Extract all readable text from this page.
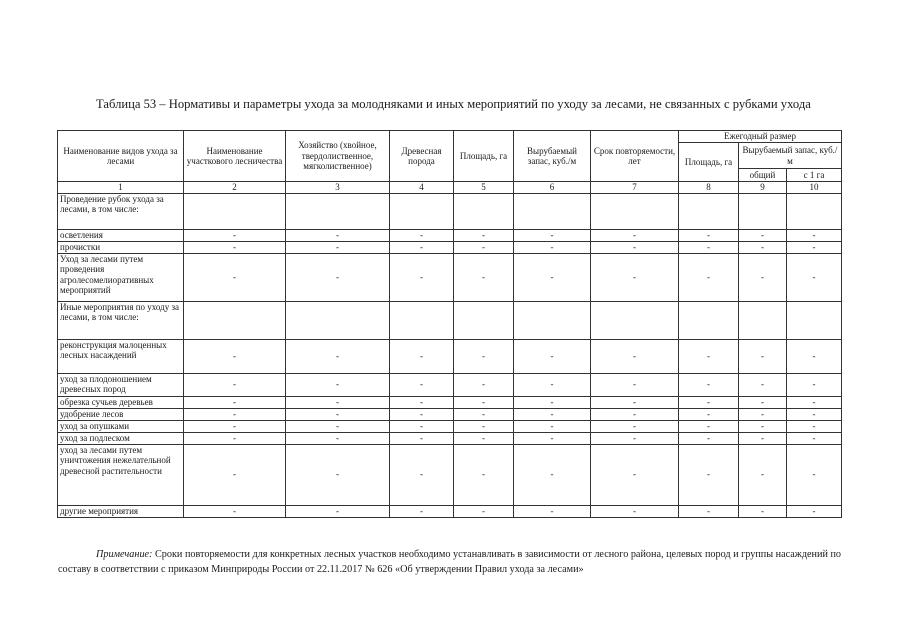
Таблица 53 – Нормативы и параметры ухода за молодняками и иных мероприятий по уходу за лесами, не связанных с рубками ухода
Наименование видов ухода за лесами	Наименование участкового лесничества	Хозяйство (хвойное, твердолиственное, мягколиственное)	Древесная порода	Площадь, га	Вырубаемый запас, куб./м	Срок повторяемости, лет	Ежегодный размер		
							Площадь, га	Вырубаемый запас, куб./м	
								общий	с 1 га
1	2	3	4	5	6	7	8	9	10
Проведение рубок ухода за лесами, в том числе:									
осветления	-	-	-	-	-	-	-	-	-
прочистки	-	-	-	-	-	-	-	-	-
Уход за лесами путем проведения агролесомелиоративных мероприятий	-	-	-	-	-	-	-	-	-
Иные мероприятия по уходу за лесами, в том числе:									
реконструкция малоценных лесных насаждений	-	-	-	-	-	-	-	-	-
уход за плодоношением древесных пород	-	-	-	-	-	-	-	-	-
обрезка сучьев деревьев	-	-	-	-	-	-	-	-	-
удобрение лесов	-	-	-	-	-	-	-	-	-
уход за опушками	-	-	-	-	-	-	-	-	-
уход за подлеском	-	-	-	-	-	-	-	-	-
уход за лесами путем уничтожения нежелательной древесной растительности	-	-	-	-	-	-	-	-	-
другие мероприятия	-	-	-	-	-	-	-	-	-
Примечание: Сроки повторяемости для конкретных лесных участков необходимо устанавливать в зависимости от лесного района, целевых пород и группы насаждений по составу в соответствии с приказом Минприроды России от 22.11.2017 № 626 «Об утверждении Правил ухода за лесами»
